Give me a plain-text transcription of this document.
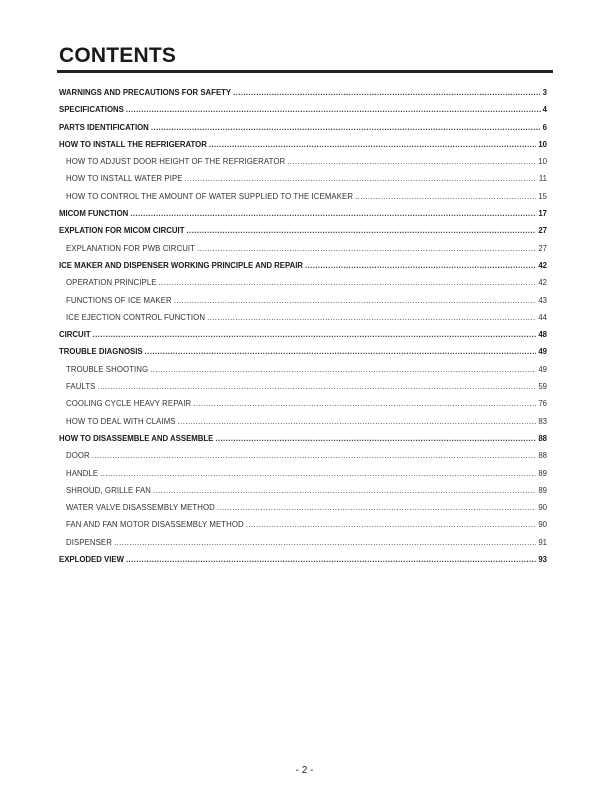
CONTENTS
WARNINGS AND PRECAUTIONS FOR SAFETY .....	3
SPECIFICATIONS .....	4
PARTS IDENTIFICATION .....	6
HOW TO INSTALL THE REFRIGERATOR .....	10
HOW TO ADJUST DOOR HEIGHT OF THE REFRIGERATOR .....	10
HOW TO INSTALL WATER PIPE .....	11
HOW TO CONTROL THE AMOUNT OF WATER SUPPLIED TO THE ICEMAKER .....	15
MICOM FUNCTION .....	17
EXPLATION FOR MICOM CIRCUIT .....	27
EXPLANATION FOR PWB CIRCUIT .....	27
ICE MAKER AND DISPENSER WORKING PRINCIPLE AND REPAIR .....	42
OPERATION PRINCIPLE .....	42
FUNCTIONS OF ICE MAKER .....	43
ICE EJECTION CONTROL FUNCTION .....	44
CIRCUIT .....	48
TROUBLE DIAGNOSIS .....	49
TROUBLE SHOOTING .....	49
FAULTS .....	59
COOLING CYCLE HEAVY REPAIR .....	76
HOW TO DEAL WITH CLAIMS .....	83
HOW TO DISASSEMBLE AND ASSEMBLE .....	88
DOOR .....	88
HANDLE .....	89
SHROUD, GRILLE FAN .....	89
WATER VALVE DISASSEMBLY METHOD .....	90
FAN AND FAN MOTOR DISASSEMBLY METHOD .....	90
DISPENSER .....	91
EXPLODED VIEW .....	93
- 2 -
